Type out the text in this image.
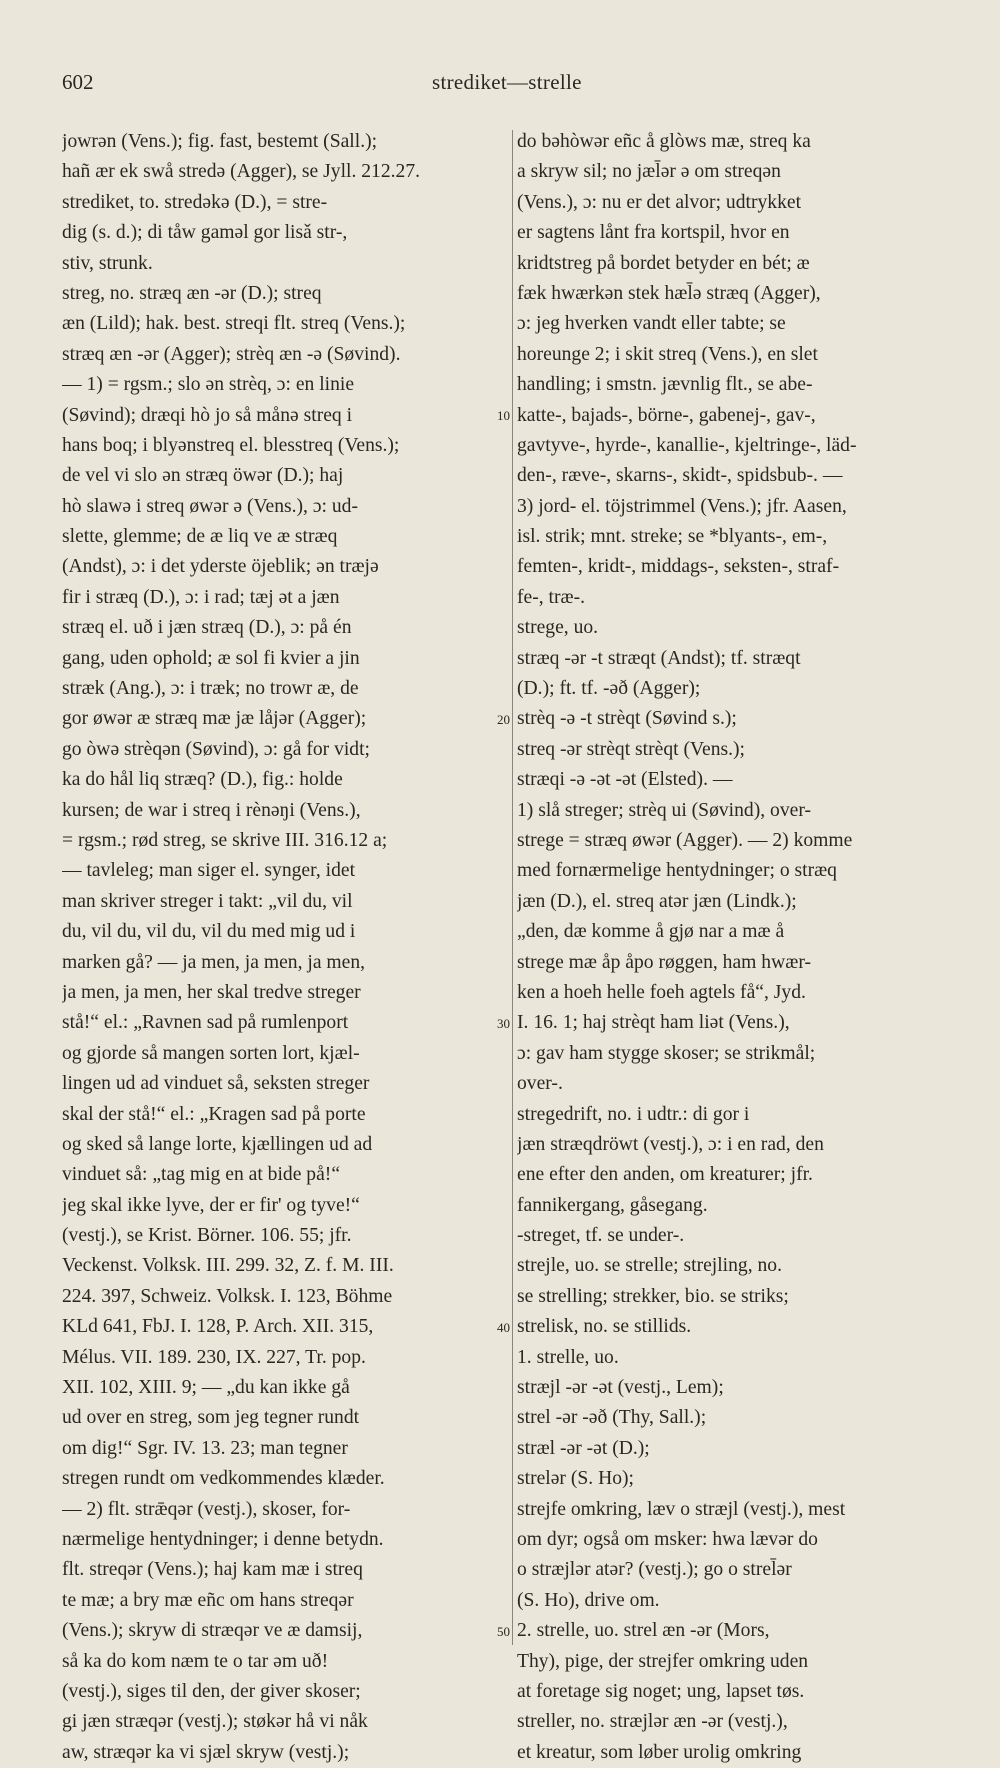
602	strediket—strelle
jowrən (Vens.); fig. fast, bestemt (Sall.);
hañ ær ek swå stredə (Agger), se Jyll. 212.27.
strediket, to. stredəkə (D.), = stre-
dig (s. d.); di tåw gaməl gor lisǎ str-,
stiv, strunk.
streg, no. stræq æn -ər (D.); streq
æn (Lild); hak. best. streqi flt. streq (Vens.);
stræq æn -ər (Agger); strèq æn -ə (Søvind).
— 1) = rgsm.; slo ən strèq, ɔ: en linie
(Søvind); dræqi hò jo så månə streq i
hans boq; i blyənstreq el. blesstreq (Vens.);
de vel vi slo ən stræq öwər (D.); haj
hò slawə i streq øwər ə (Vens.), ɔ: ud-
slette, glemme; de æ liq ve æ stræq
(Andst), ɔ: i det yderste öjeblik; ən træjə
fir i stræq (D.), ɔ: i rad; tæj ət a jæn
stræq el. uð i jæn stræq (D.), ɔ: på én
gang, uden ophold; æ sol fi kvier a jin
stræk (Ang.), ɔ: i træk; no trowr æ, de
gor øwər æ stræq mæ jæ låjər (Agger);
go òwə strèqən (Søvind), ɔ: gå for vidt;
ka do hål liq stræq? (D.), fig.: holde
kursen; de war i streq i rènəŋi (Vens.),
= rgsm.; rød streg, se skrive III. 316.12 a;
— tavleleg; man siger el. synger, idet
man skriver streger i takt: „vil du, vil
du, vil du, vil du, vil du med mig ud i
marken gå? — ja men, ja men, ja men,
ja men, ja men, her skal tredve streger
stå!“ el.: „Ravnen sad på rumlenport
og gjorde så mangen sorten lort, kjæl-
lingen ud ad vinduet så, seksten streger
skal der stå!“ el.: „Kragen sad på porte
og sked så lange lorte, kjællingen ud ad
vinduet så: „tag mig en at bide på!“
jeg skal ikke lyve, der er fir' og tyve!“
(vestj.), se Krist. Börner. 106. 55; jfr.
Veckenst. Volksk. III. 299. 32, Z. f. M. III.
224. 397, Schweiz. Volksk. I. 123, Böhme
KLd 641, FbJ. I. 128, P. Arch. XII. 315,
Mélus. VII. 189. 230, IX. 227, Tr. pop.
XII. 102, XIII. 9; — „du kan ikke gå
ud over en streg, som jeg tegner rundt
om dig!“ Sgr. IV. 13. 23; man tegner
stregen rundt om vedkommendes klæder.
— 2) flt. strǣqər (vestj.), skoser, for-
nærmelige hentydninger; i denne betydn.
flt. streqər (Vens.); haj kam mæ i streq
te mæ; a bry mæ eñc om hans streqər
(Vens.); skryw di stræqər ve æ damsij,
så ka do kom næm te o tar əm uð!
(vestj.), siges til den, der giver skoser;
gi jæn stræqər (vestj.); støkər hå vi nåk
aw, stræqər ka vi sjæl skryw (vestj.);
do bəhòwər eñc å glòws mæ, streq ka
a skryw sil; no jæl̄ər ə om streqən
(Vens.), ɔ: nu er det alvor; udtrykket
er sagtens lånt fra kortspil, hvor en
kridtstreg på bordet betyder en bét; æ
fæk hwærkən stek hæl̄ə stræq (Agger),
ɔ: jeg hverken vandt eller tabte; se
horeunge 2; i skit streq (Vens.), en slet
handling; i smstn. jævnlig flt., se abe-
katte-, bajads-, börne-, gabenej-, gav-,
gavtyve-, hyrde-, kanallie-, kjeltringe-, läd-
den-, ræve-, skarns-, skidt-, spidsbub-. —
3) jord- el. töjstrimmel (Vens.); jfr. Aasen,
isl. strik; mnt. streke; se *blyants-, em-,
femten-, kridt-, middags-, seksten-, straf-
fe-, træ-.
strege, uo.
stræq -ər -t stræqt (Andst); tf. stræqt
(D.); ft. tf. -əð (Agger);
strèq -ə -t strèqt (Søvind s.);
streq -ər strèqt strèqt (Vens.);
stræqi -ə -ət -ət (Elsted). —
1) slå streger; strèq ui (Søvind), over-
strege = stræq øwər (Agger). — 2) komme
med fornærmelige hentydninger; o stræq
jæn (D.), el. streq atər jæn (Lindk.);
„den, dæ komme å gjø nar a mæ å
strege mæ åp åpo røggen, ham hwær-
ken a hoeh helle foeh agtels få“, Jyd.
I. 16. 1; haj strèqt ham liət (Vens.),
ɔ: gav ham stygge skoser; se strikmål;
over-.
stregedrift, no. i udtr.: di gor i
jæn stræqdröwt (vestj.), ɔ: i en rad, den
ene efter den anden, om kreaturer; jfr.
fannikergang, gåsegang.
-streget, tf. se under-.
strejle, uo. se strelle; strejling, no.
se strelling; strekker, bio. se striks;
strelisk, no. se stillids.
1. strelle, uo.
stræjl -ər -ət (vestj., Lem);
strel -ər -əð (Thy, Sall.);
stræl -ər -ət (D.);
strelər (S. Ho);
strejfe omkring, læv o stræjl (vestj.), mest
om dyr; også om msker: hwa lævər do
o stræjlər atər? (vestj.); go o strel̄ər
(S. Ho), drive om.
2. strelle, uo. strel æn -ər (Mors,
Thy), pige, der strejfer omkring uden
at foretage sig noget; ung, lapset tøs.
streller, no. stræjlər æn -ər (vestj.),
et kreatur, som løber urolig omkring
10
20
30
40
50
